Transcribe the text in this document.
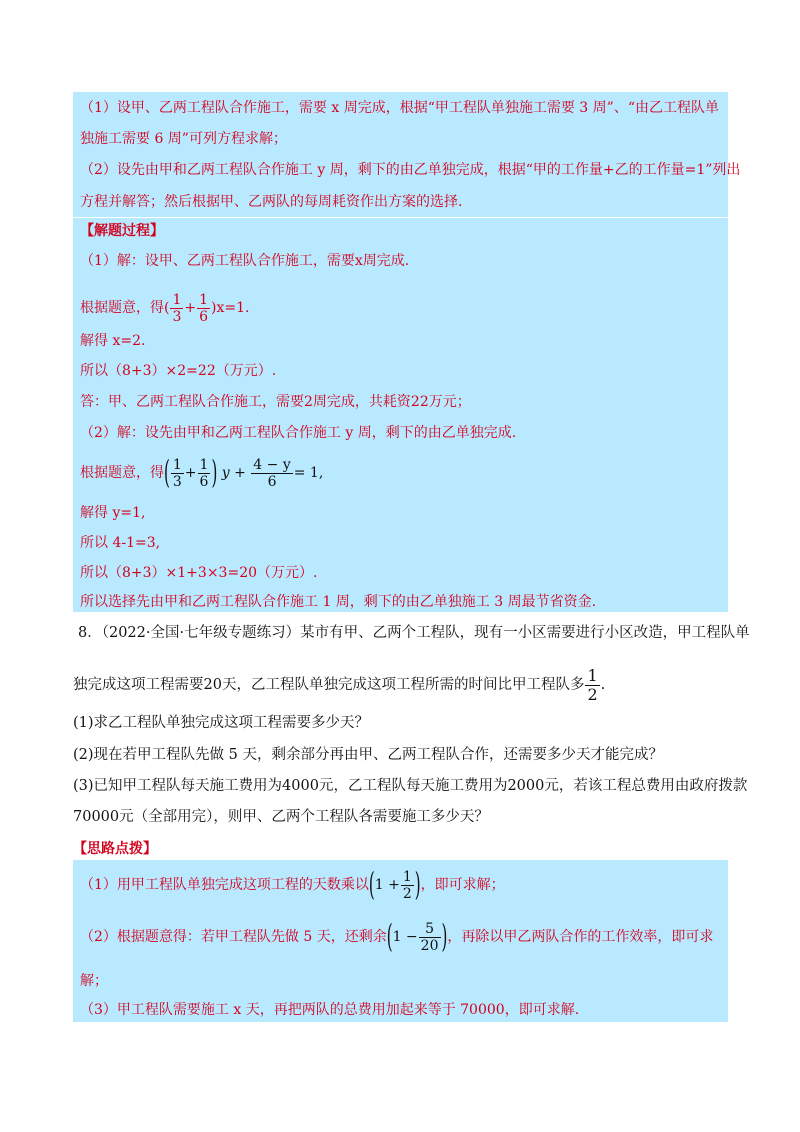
（1）设甲、乙两工程队合作施工，需要 x 周完成，根据“甲工程队单独施工需要 3 周”、“由乙工程队单
独施工需要 6 周”可列方程求解；
（2）设先由甲和乙两工程队合作施工 y 周，剩下的由乙单独完成，根据“甲的工作量+乙的工作量=1”列出
方程并解答；然后根据甲、乙两队的每周耗资作出方案的选择.
【解题过程】
（1）解：设甲、乙两工程队合作施工，需要x周完成.
根据题意，得( $\frac{1}{3} + \frac{1}{6} )x=1$.
解得 x=2.
所以（8+3）×2=22（万元）.
答：甲、乙两工程队合作施工，需要2周完成，共耗资22万元；
（2）解：设先由甲和乙两工程队合作施工 y 周，剩下的由乙单独完成.
根据题意，得( $\frac{1}{3} + \frac{1}{6}$ ) $y + \frac{4 - y}{6} = 1$,
解得 y=1,
所以 4-1=3,
所以（8+3）×1+3×3=20（万元）.
所以选择先由甲和乙两工程队合作施工 1 周，剩下的由乙单独施工 3 周最节省资金.
8．（2022·全国·七年级专题练习）某市有甲、乙两个工程队，现有一小区需要进行小区改造，甲工程队单
独完成这项工程需要20天，乙工程队单独完成这项工程所需的时间比甲工程队多 $\frac{1}{2}$ .
(1)求乙工程队单独完成这项工程需要多少天？
(2)现在若甲工程队先做 5 天，剩余部分再由甲、乙两工程队合作，还需要多少天才能完成？
(3)已知甲工程队每天施工费用为4000元，乙工程队每天施工费用为2000元，若该工程总费用由政府拨款
70000元（全部用完），则甲、乙两个工程队各需要施工多少天？
【思路点拨】
（1）用甲工程队单独完成这项工程的天数乘以($1 + \frac{1}{2}$ )，即可求解；
（2）根据题意得：若甲工程队先做 5 天，还剩余($1 - \frac{5}{20}$ )，再除以甲乙两队合作的工作效率，即可求
解；
（3）甲工程队需要施工 x 天，再把两队的总费用加起来等于 70000，即可求解.
